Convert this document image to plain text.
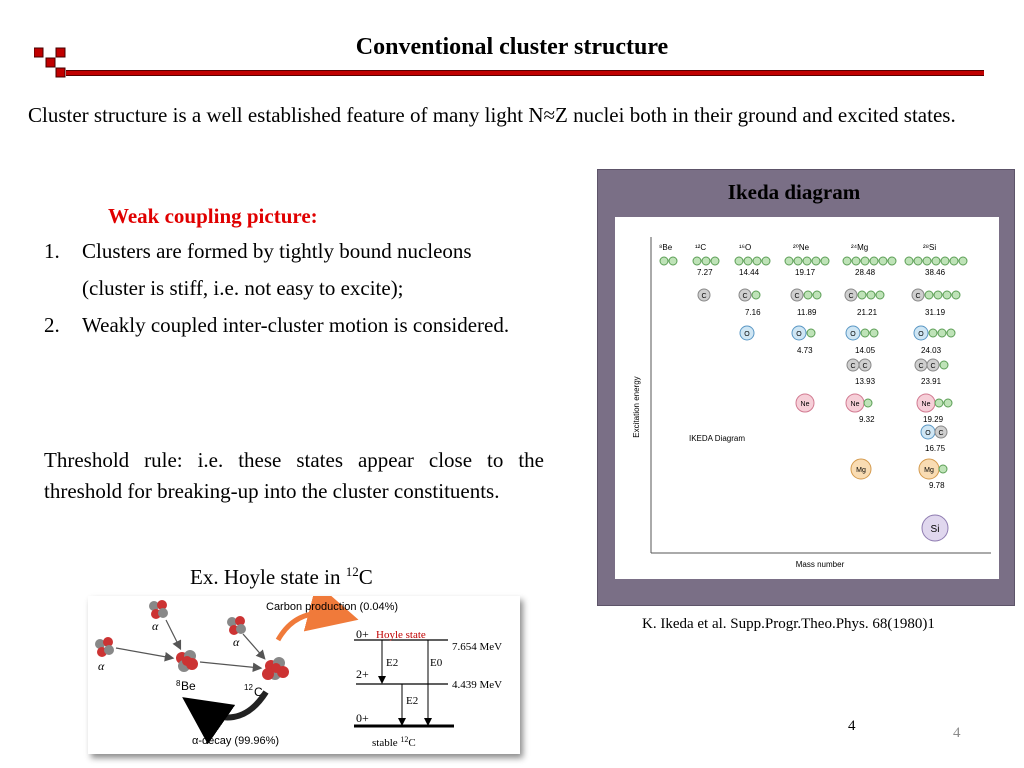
Conventional cluster structure
Cluster structure is a well established feature of many light N≈Z nuclei both in their ground and excited states.
Weak coupling picture:
1. Clusters are formed by tightly bound nucleons (cluster is stiff, i.e. not easy to excite);
2. Weakly coupled inter-cluster motion is considered.
Threshold rule: i.e. these states appear close to the threshold for breaking-up into the cluster constituents.
Ex. Hoyle state in $^{12}$C
α
α
α
8 Be	12 C
Carbon production (0.04%)
α-decay (99.96%)
0+ Hoyle state
7.654 MeV
2+
4.439 MeV
0+
E2	E0
E2
stable $^{12}$C
Ikeda diagram
Excitation energy
Mass number
IKEDA Diagram
⁸Be	¹²C	¹⁶O	²⁰Ne	²⁴Mg	²⁸Si
7.27	14.44	19.17	28.48	38.46
C	C	C	C	C
7.16	11.89	21.21	31.19
O	O	O	O
4.73	14.05	24.03
C C	C C
13.93	23.91
Ne	Ne	Ne
9.32	19.29
O C
16.75
Mg	Mg
9.78
Si
K. Ikeda et al. Supp.Progr.Theo.Phys. 68(1980)1
4	4
